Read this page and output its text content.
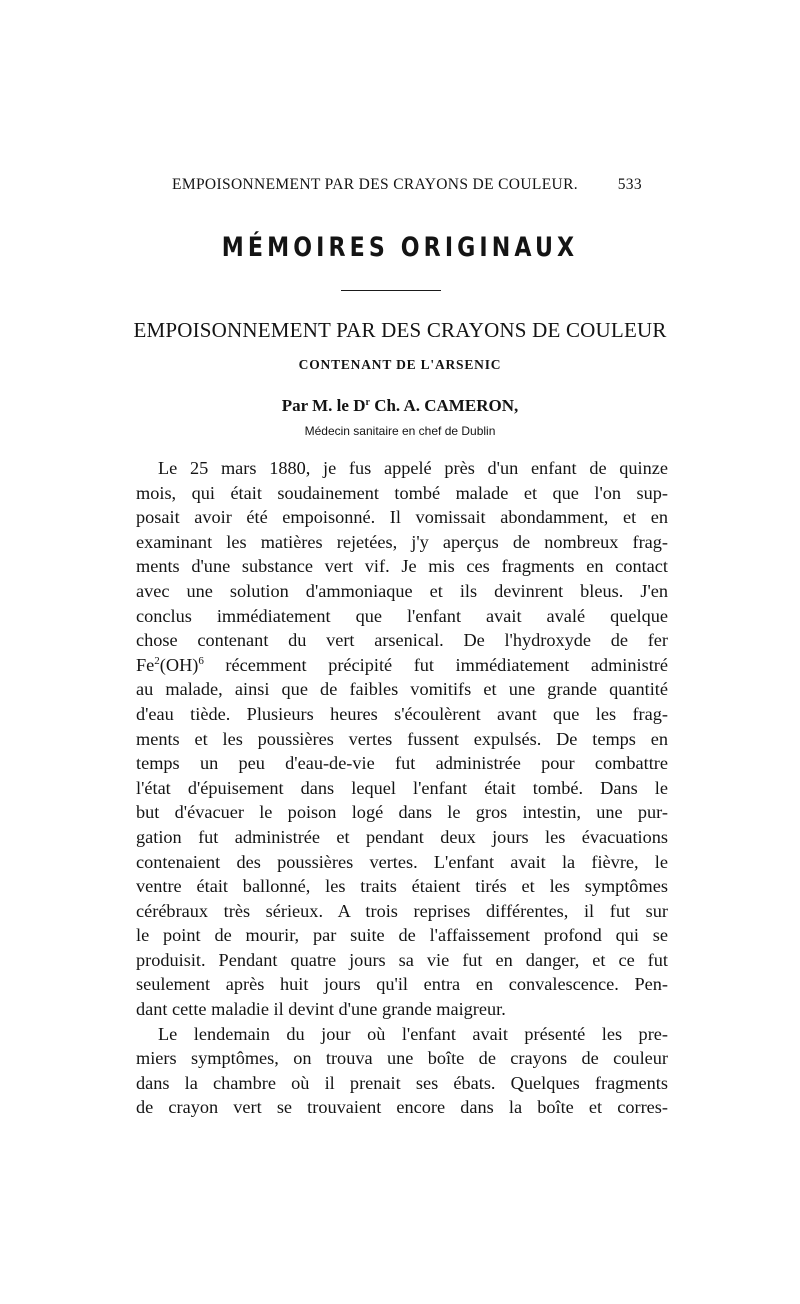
EMPOISONNEMENT PAR DES CRAYONS DE COULEUR.	533
MÉMOIRES ORIGINAUX
EMPOISONNEMENT PAR DES CRAYONS DE COULEUR
CONTENANT DE L'ARSENIC
Par M. le $D^r$ Ch. A. CAMERON,
Médecin sanitaire en chef de Dublin
Le 25 mars 1880, je fus appelé près d'un enfant de quinze
mois, qui était soudainement tombé malade et que l'on sup-
posait avoir été empoisonné. Il vomissait abondamment, et en
examinant les matières rejetées, j'y aperçus de nombreux frag-
ments d'une substance vert vif. Je mis ces fragments en contact
avec une solution d'ammoniaque et ils devinrent bleus. J'en
conclus immédiatement que l'enfant avait avalé quelque
chose contenant du vert arsenical. De l'hydroxyde de fer
Fe$^2$(OH)$^6$ récemment précipité fut immédiatement administré
au malade, ainsi que de faibles vomitifs et une grande quantité
d'eau tiède. Plusieurs heures s'écoulèrent avant que les frag-
ments et les poussières vertes fussent expulsés. De temps en
temps un peu d'eau-de-vie fut administrée pour combattre
l'état d'épuisement dans lequel l'enfant était tombé. Dans le
but d'évacuer le poison logé dans le gros intestin, une pur-
gation fut administrée et pendant deux jours les évacuations
contenaient des poussières vertes. L'enfant avait la fièvre, le
ventre était ballonné, les traits étaient tirés et les symptômes
cérébraux très sérieux. A trois reprises différentes, il fut sur
le point de mourir, par suite de l'affaissement profond qui se
produisit. Pendant quatre jours sa vie fut en danger, et ce fut
seulement après huit jours qu'il entra en convalescence. Pen-
dant cette maladie il devint d'une grande maigreur.
Le lendemain du jour où l'enfant avait présenté les pre-
miers symptômes, on trouva une boîte de crayons de couleur
dans la chambre où il prenait ses ébats. Quelques fragments
de crayon vert se trouvaient encore dans la boîte et corres-
